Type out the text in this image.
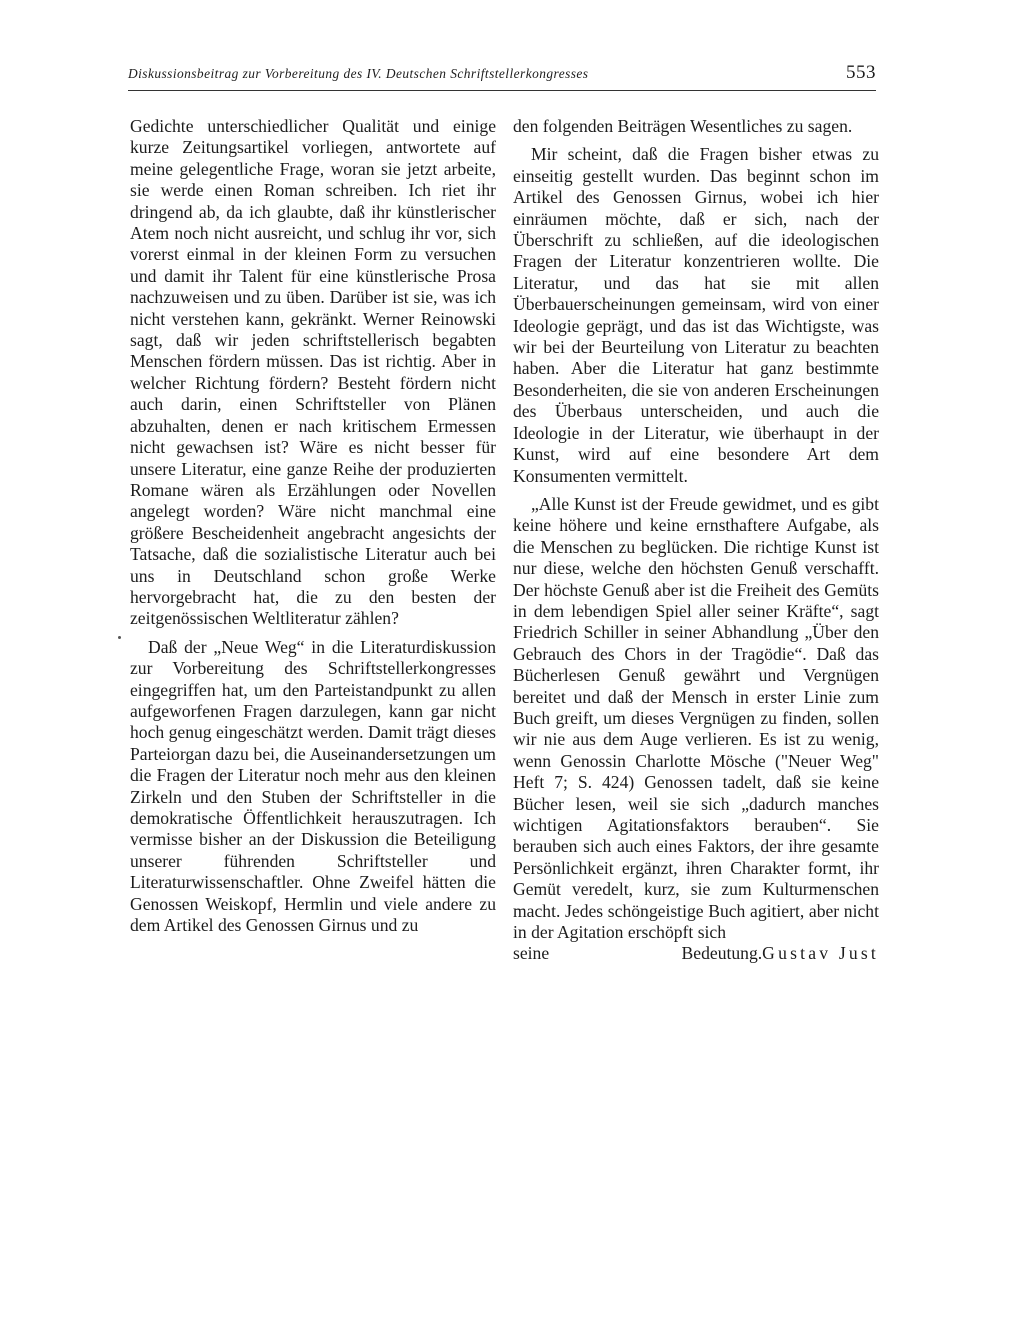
Diskussionsbeitrag zur Vorbereitung des IV. Deutschen Schriftstellerkongresses	553

Gedichte unterschiedlicher Qualität und einige kurze Zeitungsartikel vorliegen, antwortete auf meine gelegentliche Frage, woran sie jetzt arbeite, sie werde einen Roman schreiben. Ich riet ihr dringend ab, da ich glaubte, daß ihr künstlerischer Atem noch nicht ausreicht, und schlug ihr vor, sich vorerst einmal in der kleinen Form zu versuchen und damit ihr Talent für eine künstlerische Prosa nachzuweisen und zu üben. Darüber ist sie, was ich nicht verstehen kann, gekränkt. Werner Reinowski sagt, daß wir jeden schriftstellerisch begabten Menschen fördern müssen. Das ist richtig. Aber in welcher Richtung fördern? Besteht fördern nicht auch darin, einen Schriftsteller von Plänen abzuhalten, denen er nach kritischem Ermessen nicht gewachsen ist? Wäre es nicht besser für unsere Literatur, eine ganze Reihe der produzierten Romane wären als Erzählungen oder Novellen angelegt worden? Wäre nicht manchmal eine größere Bescheidenheit angebracht angesichts der Tatsache, daß die sozialistische Literatur auch bei uns in Deutschland schon große Werke hervorgebracht hat, die zu den besten der zeitgenössischen Weltliteratur zählen?

Daß der „Neue Weg“ in die Literaturdiskussion zur Vorbereitung des Schriftstellerkongresses eingegriffen hat, um den Parteistandpunkt zu allen aufgeworfenen Fragen darzulegen, kann gar nicht hoch genug eingeschätzt werden. Damit trägt dieses Parteiorgan dazu bei, die Auseinandersetzungen um die Fragen der Literatur noch mehr aus den kleinen Zirkeln und den Stuben der Schriftsteller in die demokratische Öffentlichkeit herauszutragen. Ich vermisse bisher an der Diskussion die Beteiligung unserer führenden Schriftsteller und Literaturwissenschaftler. Ohne Zweifel hätten die Genossen Weiskopf, Hermlin und viele andere zu dem Artikel des Genossen Girnus und zu

den folgenden Beiträgen Wesentliches zu sagen.

Mir scheint, daß die Fragen bisher etwas zu einseitig gestellt wurden. Das beginnt schon im Artikel des Genossen Girnus, wobei ich hier einräumen möchte, daß er sich, nach der Überschrift zu schließen, auf die ideologischen Fragen der Literatur konzentrieren wollte. Die Literatur, und das hat sie mit allen Überbauerscheinungen gemeinsam, wird von einer Ideologie geprägt, und das ist das Wichtigste, was wir bei der Beurteilung von Literatur zu beachten haben. Aber die Literatur hat ganz bestimmte Besonderheiten, die sie von anderen Erscheinungen des Überbaus unterscheiden, und auch die Ideologie in der Literatur, wie überhaupt in der Kunst, wird auf eine besondere Art dem Konsumenten vermittelt.

„Alle Kunst ist der Freude gewidmet, und es gibt keine höhere und keine ernsthaftere Aufgabe, als die Menschen zu beglücken. Die richtige Kunst ist nur diese, welche den höchsten Genuß verschafft. Der höchste Genuß aber ist die Freiheit des Gemüts in dem lebendigen Spiel aller seiner Kräfte“, sagt Friedrich Schiller in seiner Abhandlung „Über den Gebrauch des Chors in der Tragödie“. Daß das Bücherlesen Genuß gewährt und Vergnügen bereitet und daß der Mensch in erster Linie zum Buch greift, um dieses Vergnügen zu finden, sollen wir nie aus dem Auge verlieren. Es ist zu wenig, wenn Genossin Charlotte Mösche ("Neuer Weg" Heft 7; S. 424) Genossen tadelt, daß sie keine Bücher lesen, weil sie sich „dadurch manches wichtigen Agitationsfaktors berauben“. Sie berauben sich auch eines Faktors, der ihre gesamte Persönlichkeit ergänzt, ihren Charakter formt, ihr Gemüt veredelt, kurz, sie zum Kulturmenschen macht. Jedes schöngeistige Buch agitiert, aber nicht in der Agitation erschöpft sich

seine Bedeutung. Gustav Just
